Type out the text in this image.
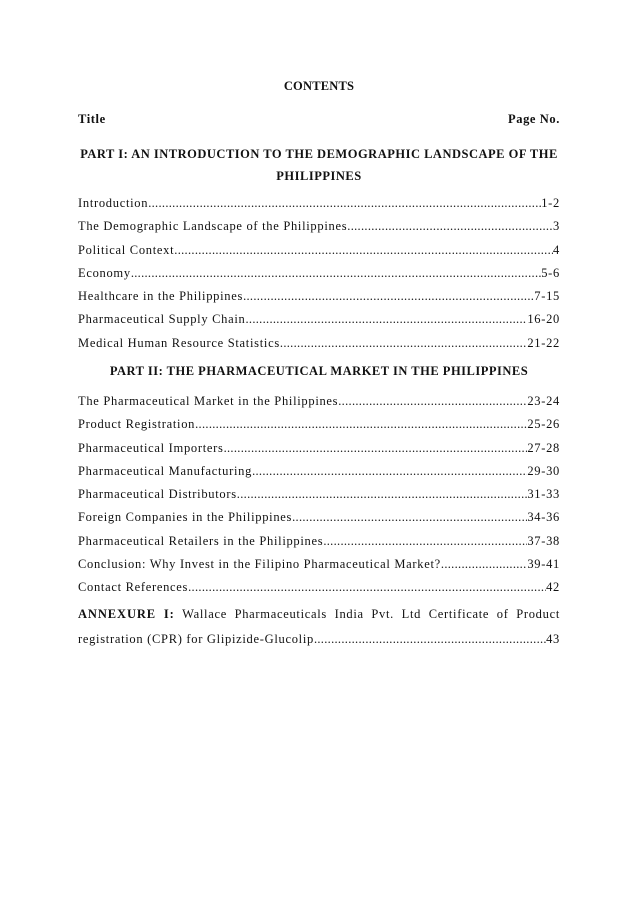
CONTENTS
Title	Page No.
PART I: AN INTRODUCTION TO THE DEMOGRAPHIC LANDSCAPE OF THE PHILIPPINES
Introduction .....	1-2
The Demographic Landscape of the Philippines .....	3
Political Context .....	4
Economy .....	5-6
Healthcare in the Philippines .....	7-15
Pharmaceutical Supply Chain .....	16-20
Medical Human Resource Statistics .....	21-22
PART II: THE PHARMACEUTICAL MARKET IN THE PHILIPPINES
The Pharmaceutical Market in the Philippines .....	23-24
Product Registration .....	25-26
Pharmaceutical Importers .....	27-28
Pharmaceutical Manufacturing .....	29-30
Pharmaceutical Distributors .....	31-33
Foreign Companies in the Philippines .....	34-36
Pharmaceutical Retailers in the Philippines .....	37-38
Conclusion: Why Invest in the Filipino Pharmaceutical Market? .....	39-41
Contact References .....	42
ANNEXURE I: Wallace Pharmaceuticals India Pvt. Ltd Certificate of Product
registration (CPR) for Glipizide-Glucolip .....	43
